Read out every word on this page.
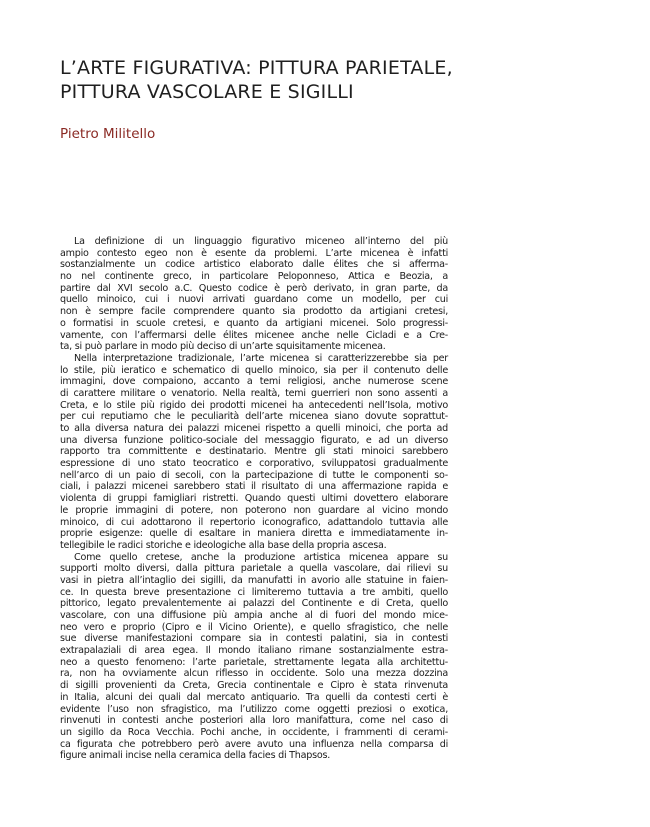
L’ARTE FIGURATIVA: PITTURA PARIETALE,
PITTURA VASCOLARE E SIGILLI

Pietro Militello

La definizione di un linguaggio figurativo miceneo all’interno del più
ampio contesto egeo non è esente da problemi. L’arte micenea è infatti
sostanzialmente un codice artistico elaborato dalle élites che si afferma-
no nel continente greco, in particolare Peloponneso, Attica e Beozia, a
partire dal XVI secolo a.C. Questo codice è però derivato, in gran parte, da
quello minoico, cui i nuovi arrivati guardano come un modello, per cui
non è sempre facile comprendere quanto sia prodotto da artigiani cretesi,
o formatisi in scuole cretesi, e quanto da artigiani micenei. Solo progressi-
vamente, con l’affermarsi delle élites micenee anche nelle Cicladi e a Cre-
ta, si può parlare in modo più deciso di un’arte squisitamente micenea.

Nella interpretazione tradizionale, l’arte micenea si caratterizzerebbe sia per
lo stile, più ieratico e schematico di quello minoico, sia per il contenuto delle
immagini, dove compaiono, accanto a temi religiosi, anche numerose scene
di carattere militare o venatorio. Nella realtà, temi guerrieri non sono assenti a
Creta, e lo stile più rigido dei prodotti micenei ha antecedenti nell’Isola, motivo
per cui reputiamo che le peculiarità dell’arte micenea siano dovute soprattut-
to alla diversa natura dei palazzi micenei rispetto a quelli minoici, che porta ad
una diversa funzione politico-sociale del messaggio figurato, e ad un diverso
rapporto tra committente e destinatario. Mentre gli stati minoici sarebbero
espressione di uno stato teocratico e corporativo, sviluppatosi gradualmente
nell’arco di un paio di secoli, con la partecipazione di tutte le componenti so-
ciali, i palazzi micenei sarebbero stati il risultato di una affermazione rapida e
violenta di gruppi famigliari ristretti. Quando questi ultimi dovettero elaborare
le proprie immagini di potere, non poterono non guardare al vicino mondo
minoico, di cui adottarono il repertorio iconografico, adattandolo tuttavia alle
proprie esigenze: quelle di esaltare in maniera diretta e immediatamente in-
tellegibile le radici storiche e ideologiche alla base della propria ascesa.

Come quello cretese, anche la produzione artistica micenea appare su
supporti molto diversi, dalla pittura parietale a quella vascolare, dai rilievi su
vasi in pietra all’intaglio dei sigilli, da manufatti in avorio alle statuine in faien-
ce. In questa breve presentazione ci limiteremo tuttavia a tre ambiti, quello
pittorico, legato prevalentemente ai palazzi del Continente e di Creta, quello
vascolare, con una diffusione più ampia anche al di fuori del mondo mice-
neo vero e proprio (Cipro e il Vicino Oriente), e quello sfragistico, che nelle
sue diverse manifestazioni compare sia in contesti palatini, sia in contesti
extrapalaziali di area egea. Il mondo italiano rimane sostanzialmente estra-
neo a questo fenomeno: l’arte parietale, strettamente legata alla architettu-
ra, non ha ovviamente alcun riflesso in occidente. Solo una mezza dozzina
di sigilli provenienti da Creta, Grecia continentale e Cipro è stata rinvenuta
in Italia, alcuni dei quali dal mercato antiquario. Tra quelli da contesti certi è
evidente l’uso non sfragistico, ma l’utilizzo come oggetti preziosi o exotica,
rinvenuti in contesti anche posteriori alla loro manifattura, come nel caso di
un sigillo da Roca Vecchia. Pochi anche, in occidente, i frammenti di cerami-
ca figurata che potrebbero però avere avuto una influenza nella comparsa di
figure animali incise nella ceramica della facies di Thapsos.
